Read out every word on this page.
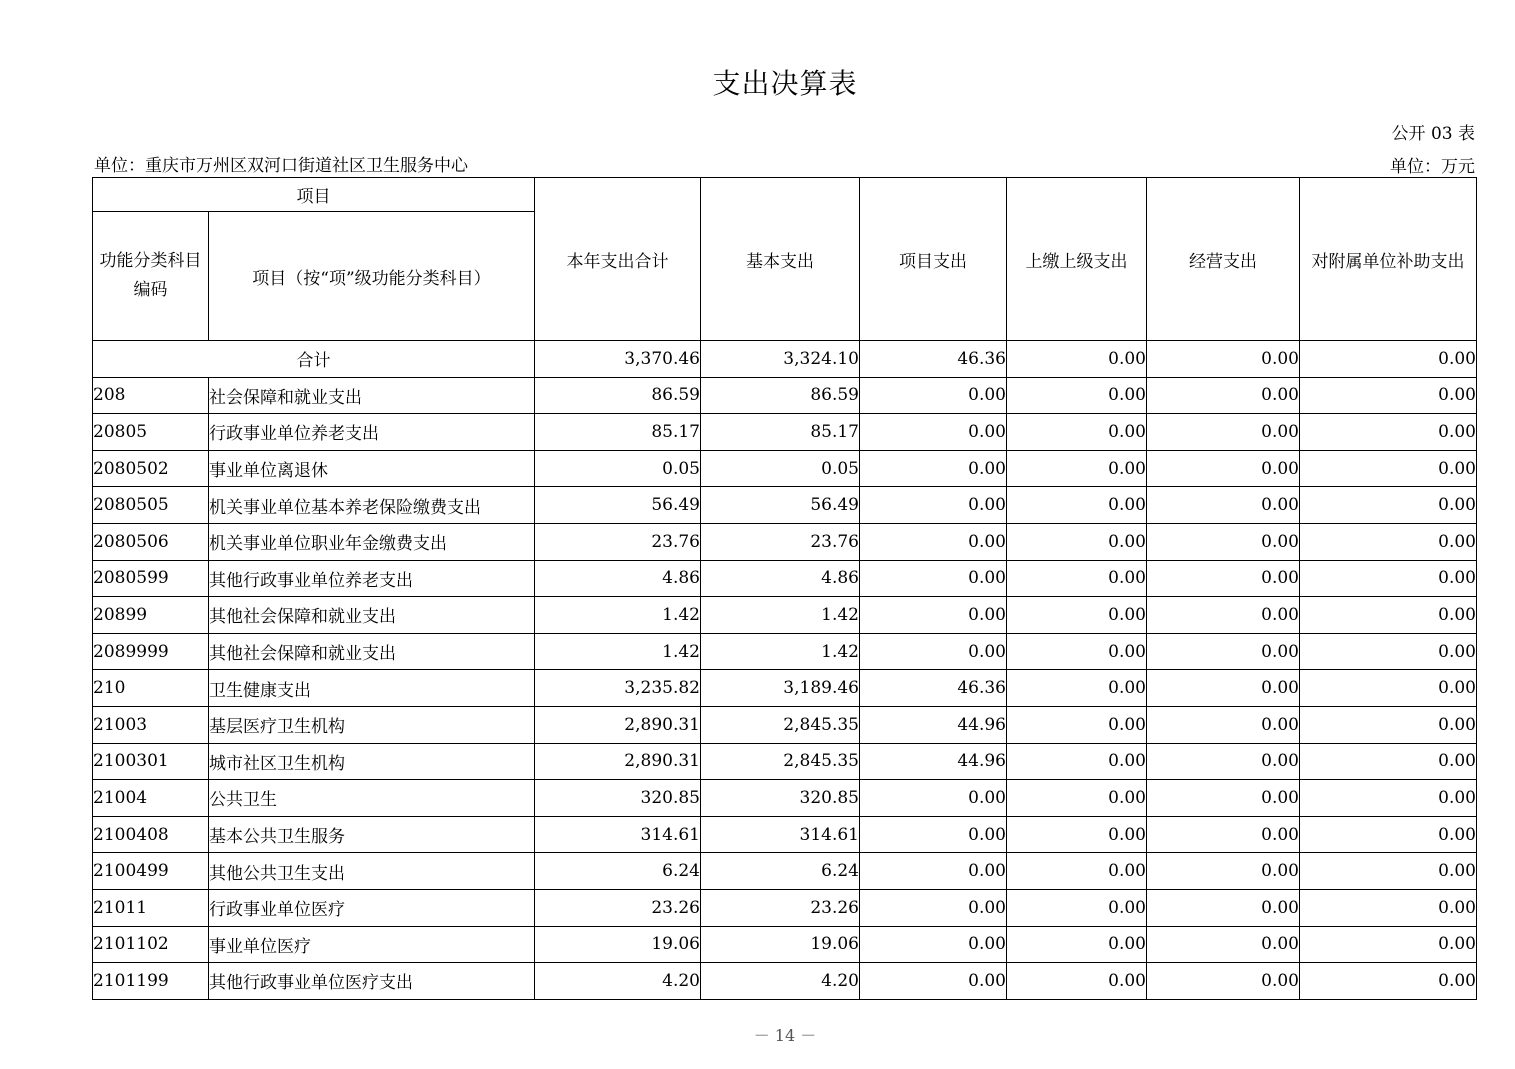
支出决算表
公开 03 表
单位：重庆市万州区双河口街道社区卫生服务中心	单位：万元
项目		本年支出合计	基本支出	项目支出	上缴上级支出	经营支出	对附属单位补助支出
功能分类科目编码	项目（按“项”级功能分类科目）						
合计		3,370.46	3,324.10	46.36	0.00	0.00	0.00
208	社会保障和就业支出	86.59	86.59	0.00	0.00	0.00	0.00
20805	行政事业单位养老支出	85.17	85.17	0.00	0.00	0.00	0.00
2080502	事业单位离退休	0.05	0.05	0.00	0.00	0.00	0.00
2080505	机关事业单位基本养老保险缴费支出	56.49	56.49	0.00	0.00	0.00	0.00
2080506	机关事业单位职业年金缴费支出	23.76	23.76	0.00	0.00	0.00	0.00
2080599	其他行政事业单位养老支出	4.86	4.86	0.00	0.00	0.00	0.00
20899	其他社会保障和就业支出	1.42	1.42	0.00	0.00	0.00	0.00
2089999	其他社会保障和就业支出	1.42	1.42	0.00	0.00	0.00	0.00
210	卫生健康支出	3,235.82	3,189.46	46.36	0.00	0.00	0.00
21003	基层医疗卫生机构	2,890.31	2,845.35	44.96	0.00	0.00	0.00
2100301	城市社区卫生机构	2,890.31	2,845.35	44.96	0.00	0.00	0.00
21004	公共卫生	320.85	320.85	0.00	0.00	0.00	0.00
2100408	基本公共卫生服务	314.61	314.61	0.00	0.00	0.00	0.00
2100499	其他公共卫生支出	6.24	6.24	0.00	0.00	0.00	0.00
21011	行政事业单位医疗	23.26	23.26	0.00	0.00	0.00	0.00
2101102	事业单位医疗	19.06	19.06	0.00	0.00	0.00	0.00
2101199	其他行政事业单位医疗支出	4.20	4.20	0.00	0.00	0.00	0.00
－ 14 －
